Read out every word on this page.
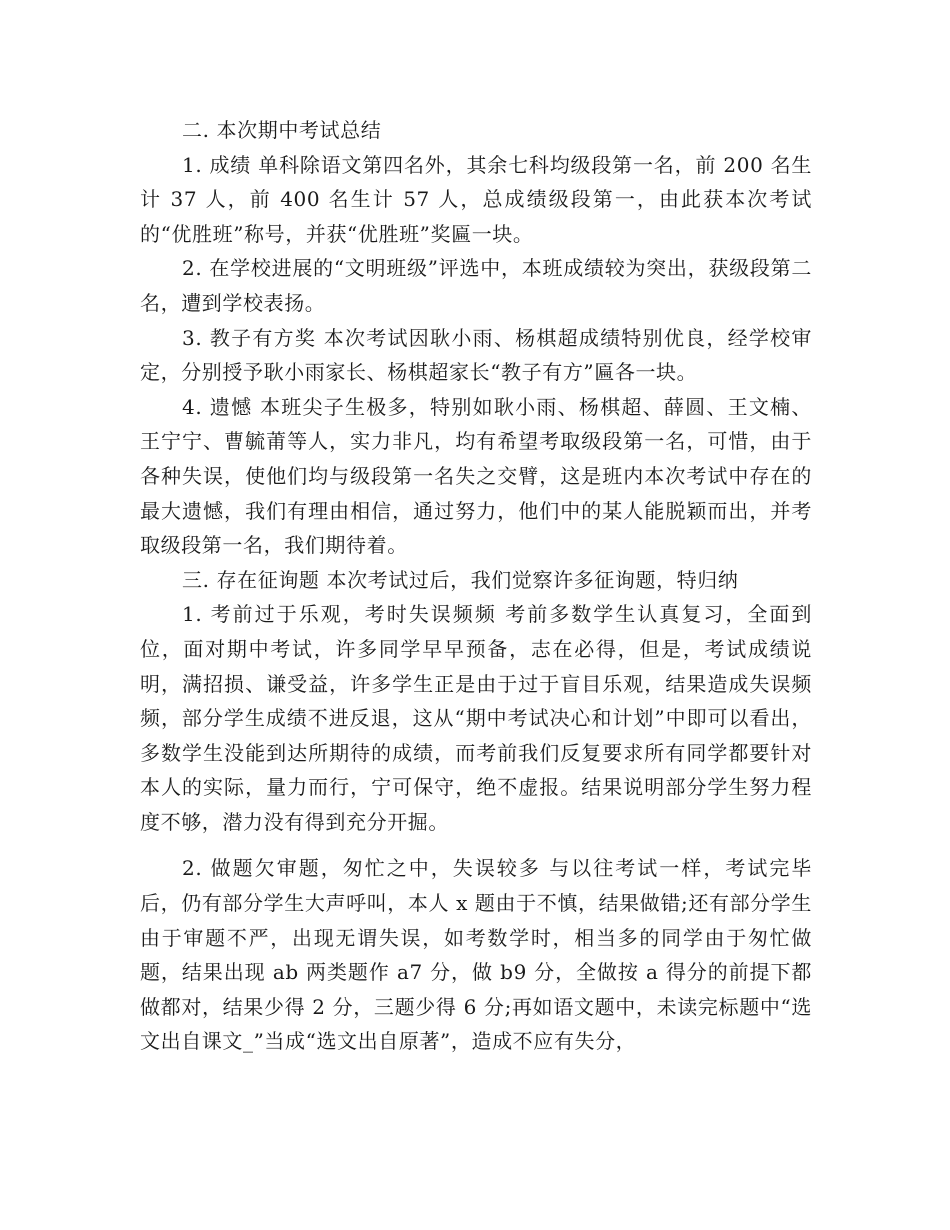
二. 本次期中考试总结

1. 成绩 单科除语文第四名外，其余七科均级段第一名，前 200 名生计 37 人，前 400 名生计 57 人，总成绩级段第一，由此获本次考试的“优胜班”称号，并获“优胜班”奖匾一块。

2. 在学校进展的“文明班级”评选中，本班成绩较为突出，获级段第二名，遭到学校表扬。

3. 教子有方奖 本次考试因耿小雨、杨棋超成绩特别优良，经学校审定，分别授予耿小雨家长、杨棋超家长“教子有方”匾各一块。

4. 遗憾 本班尖子生极多，特别如耿小雨、杨棋超、薛圆、王文楠、王宁宁、曹毓莆等人，实力非凡，均有希望考取级段第一名，可惜，由于各种失误，使他们均与级段第一名失之交臂，这是班内本次考试中存在的最大遗憾，我们有理由相信，通过努力，他们中的某人能脱颖而出，并考取级段第一名，我们期待着。

三. 存在征询题 本次考试过后，我们觉察许多征询题，特归纳

1. 考前过于乐观，考时失误频频 考前多数学生认真复习，全面到位，面对期中考试，许多同学早早预备，志在必得，但是，考试成绩说明，满招损、谦受益，许多学生正是由于过于盲目乐观，结果造成失误频频，部分学生成绩不进反退，这从“期中考试决心和计划”中即可以看出，多数学生没能到达所期待的成绩，而考前我们反复要求所有同学都要针对本人的实际，量力而行，宁可保守，绝不虚报。结果说明部分学生努力程度不够，潜力没有得到充分开掘。

2. 做题欠审题，匆忙之中，失误较多 与以往考试一样，考试完毕后，仍有部分学生大声呼叫，本人 x 题由于不慎，结果做错;还有部分学生由于审题不严，出现无谓失误，如考数学时，相当多的同学由于匆忙做题，结果出现 ab 两类题作 a7 分，做 b9 分，全做按 a 得分的前提下都做都对，结果少得 2 分，三题少得 6 分;再如语文题中，未读完标题中“选文出自课文_”当成“选文出自原著”，造成不应有失分，
